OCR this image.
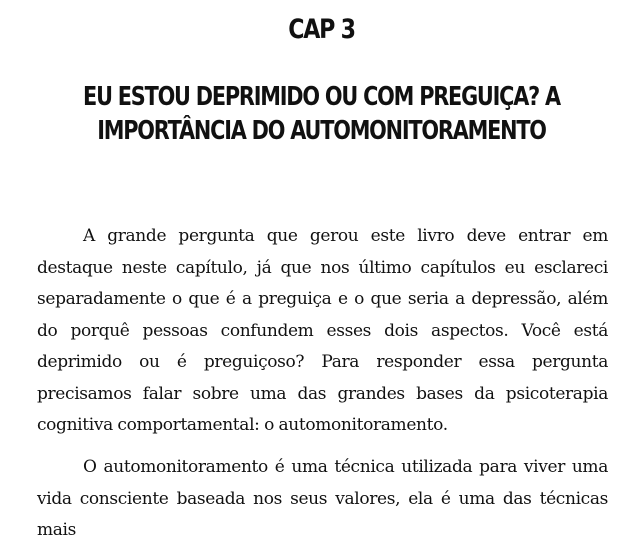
CAP 3
EU ESTOU DEPRIMIDO OU COM PREGUIÇA? A
IMPORTÂNCIA DO AUTOMONITORAMENTO

A grande pergunta que gerou este livro deve entrar em destaque neste capítulo, já que nos último capítulos eu esclareci separadamente o que é a preguiça e o que seria a depressão, além do porquê pessoas confundem esses dois aspectos. Você está deprimido ou é preguiçoso? Para responder essa pergunta precisamos falar sobre uma das grandes bases da psicoterapia cognitiva comportamental: o automonitoramento.

O automonitoramento é uma técnica utilizada para viver uma vida consciente baseada nos seus valores, ela é uma das técnicas mais
